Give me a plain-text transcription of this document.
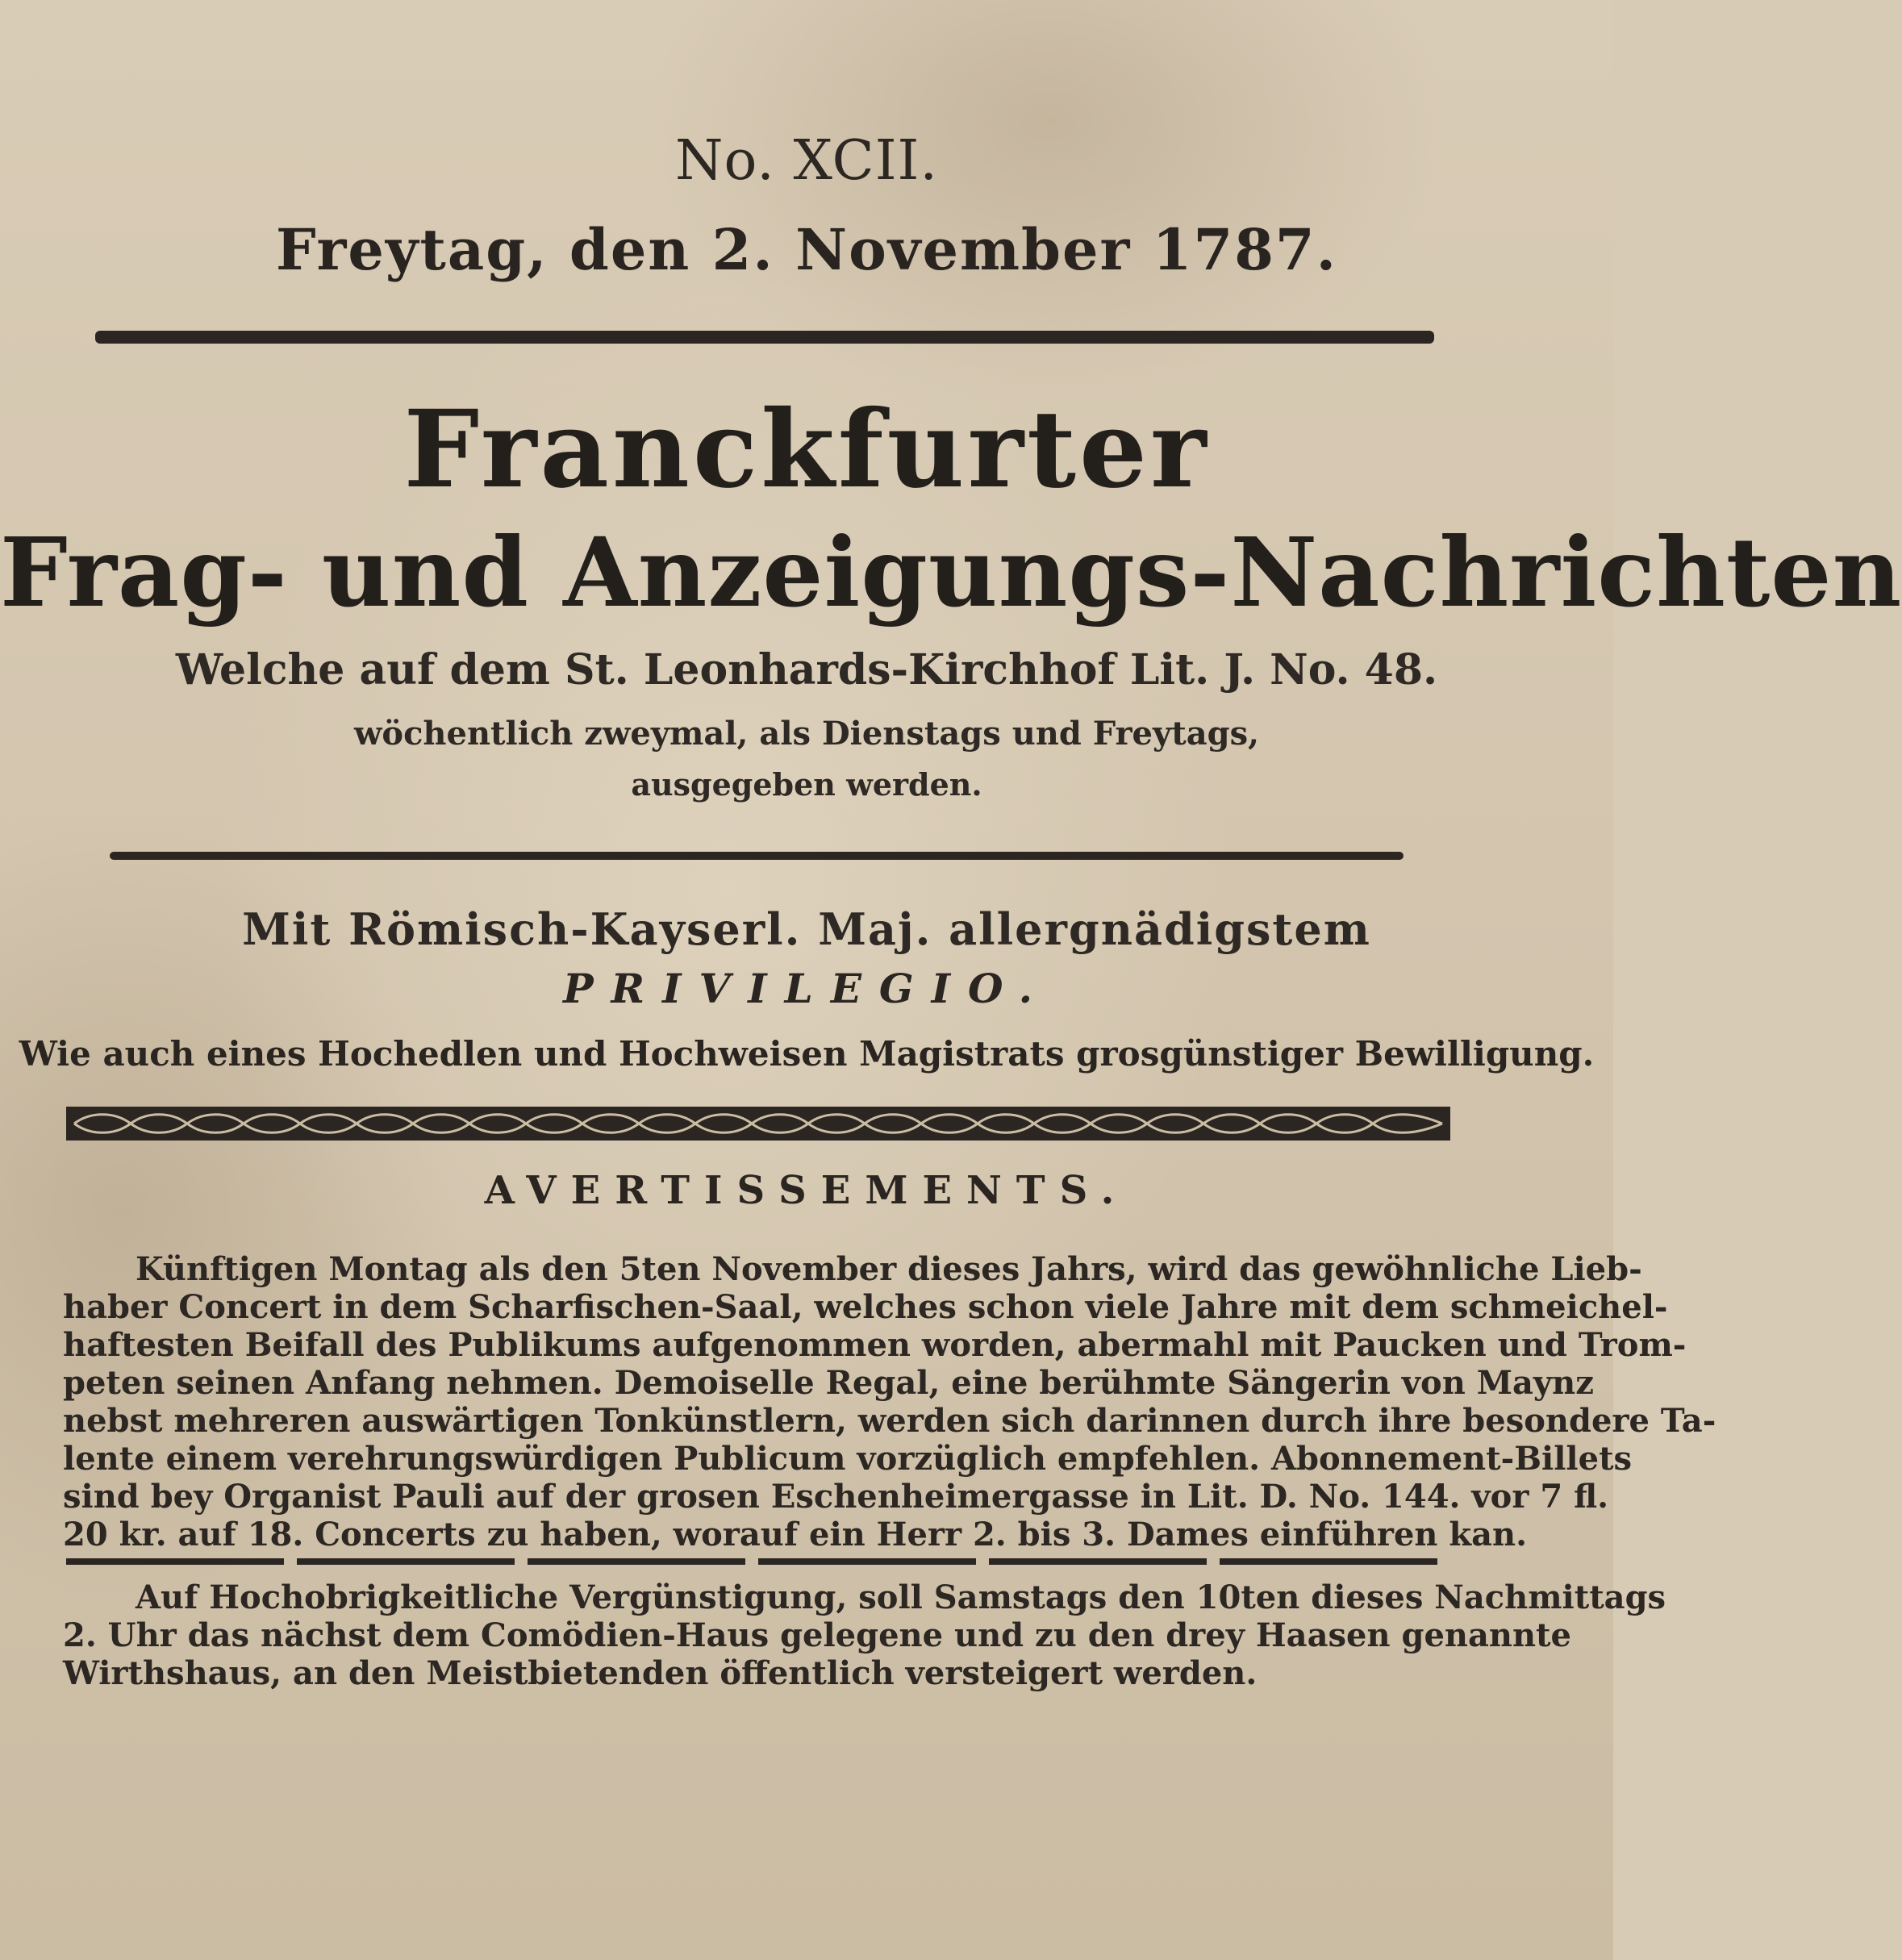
No. XCII.
Freytag, den 2. November 1787.
Franckfurter
Frag- und Anzeigungs-Nachrichten
Welche auf dem St. Leonhards-Kirchhof Lit. J. No. 48.
wöchentlich zweymal, als Dienstags und Freytags,
ausgegeben werden.
Mit Römisch-Kayserl. Maj. allergnädigstem
PRIVILEGIO.
Wie auch eines Hochedlen und Hochweisen Magistrats grosgünstiger Bewilligung.
AVERTISSEMENTS.
Künftigen Montag als den 5ten November dieses Jahrs, wird das gewöhnliche Lieb-
haber Concert in dem Scharfischen-Saal, welches schon viele Jahre mit dem schmeichel-
haftesten Beifall des Publikums aufgenommen worden, abermahl mit Paucken und Trom-
peten seinen Anfang nehmen. Demoiselle Regal, eine berühmte Sängerin von Maynz
nebst mehreren auswärtigen Tonkünstlern, werden sich darinnen durch ihre besondere Ta-
lente einem verehrungswürdigen Publicum vorzüglich empfehlen. Abonnement-Billets
sind bey Organist Pauli auf der grosen Eschenheimergasse in Lit. D. No. 144. vor 7 fl.
20 kr. auf 18. Concerts zu haben, worauf ein Herr 2. bis 3. Dames einführen kan.
Auf Hochobrigkeitliche Vergünstigung, soll Samstags den 10ten dieses Nachmittags
2. Uhr das nächst dem Comödien-Haus gelegene und zu den drey Haasen genannte
Wirthshaus, an den Meistbietenden öffentlich versteigert werden.
